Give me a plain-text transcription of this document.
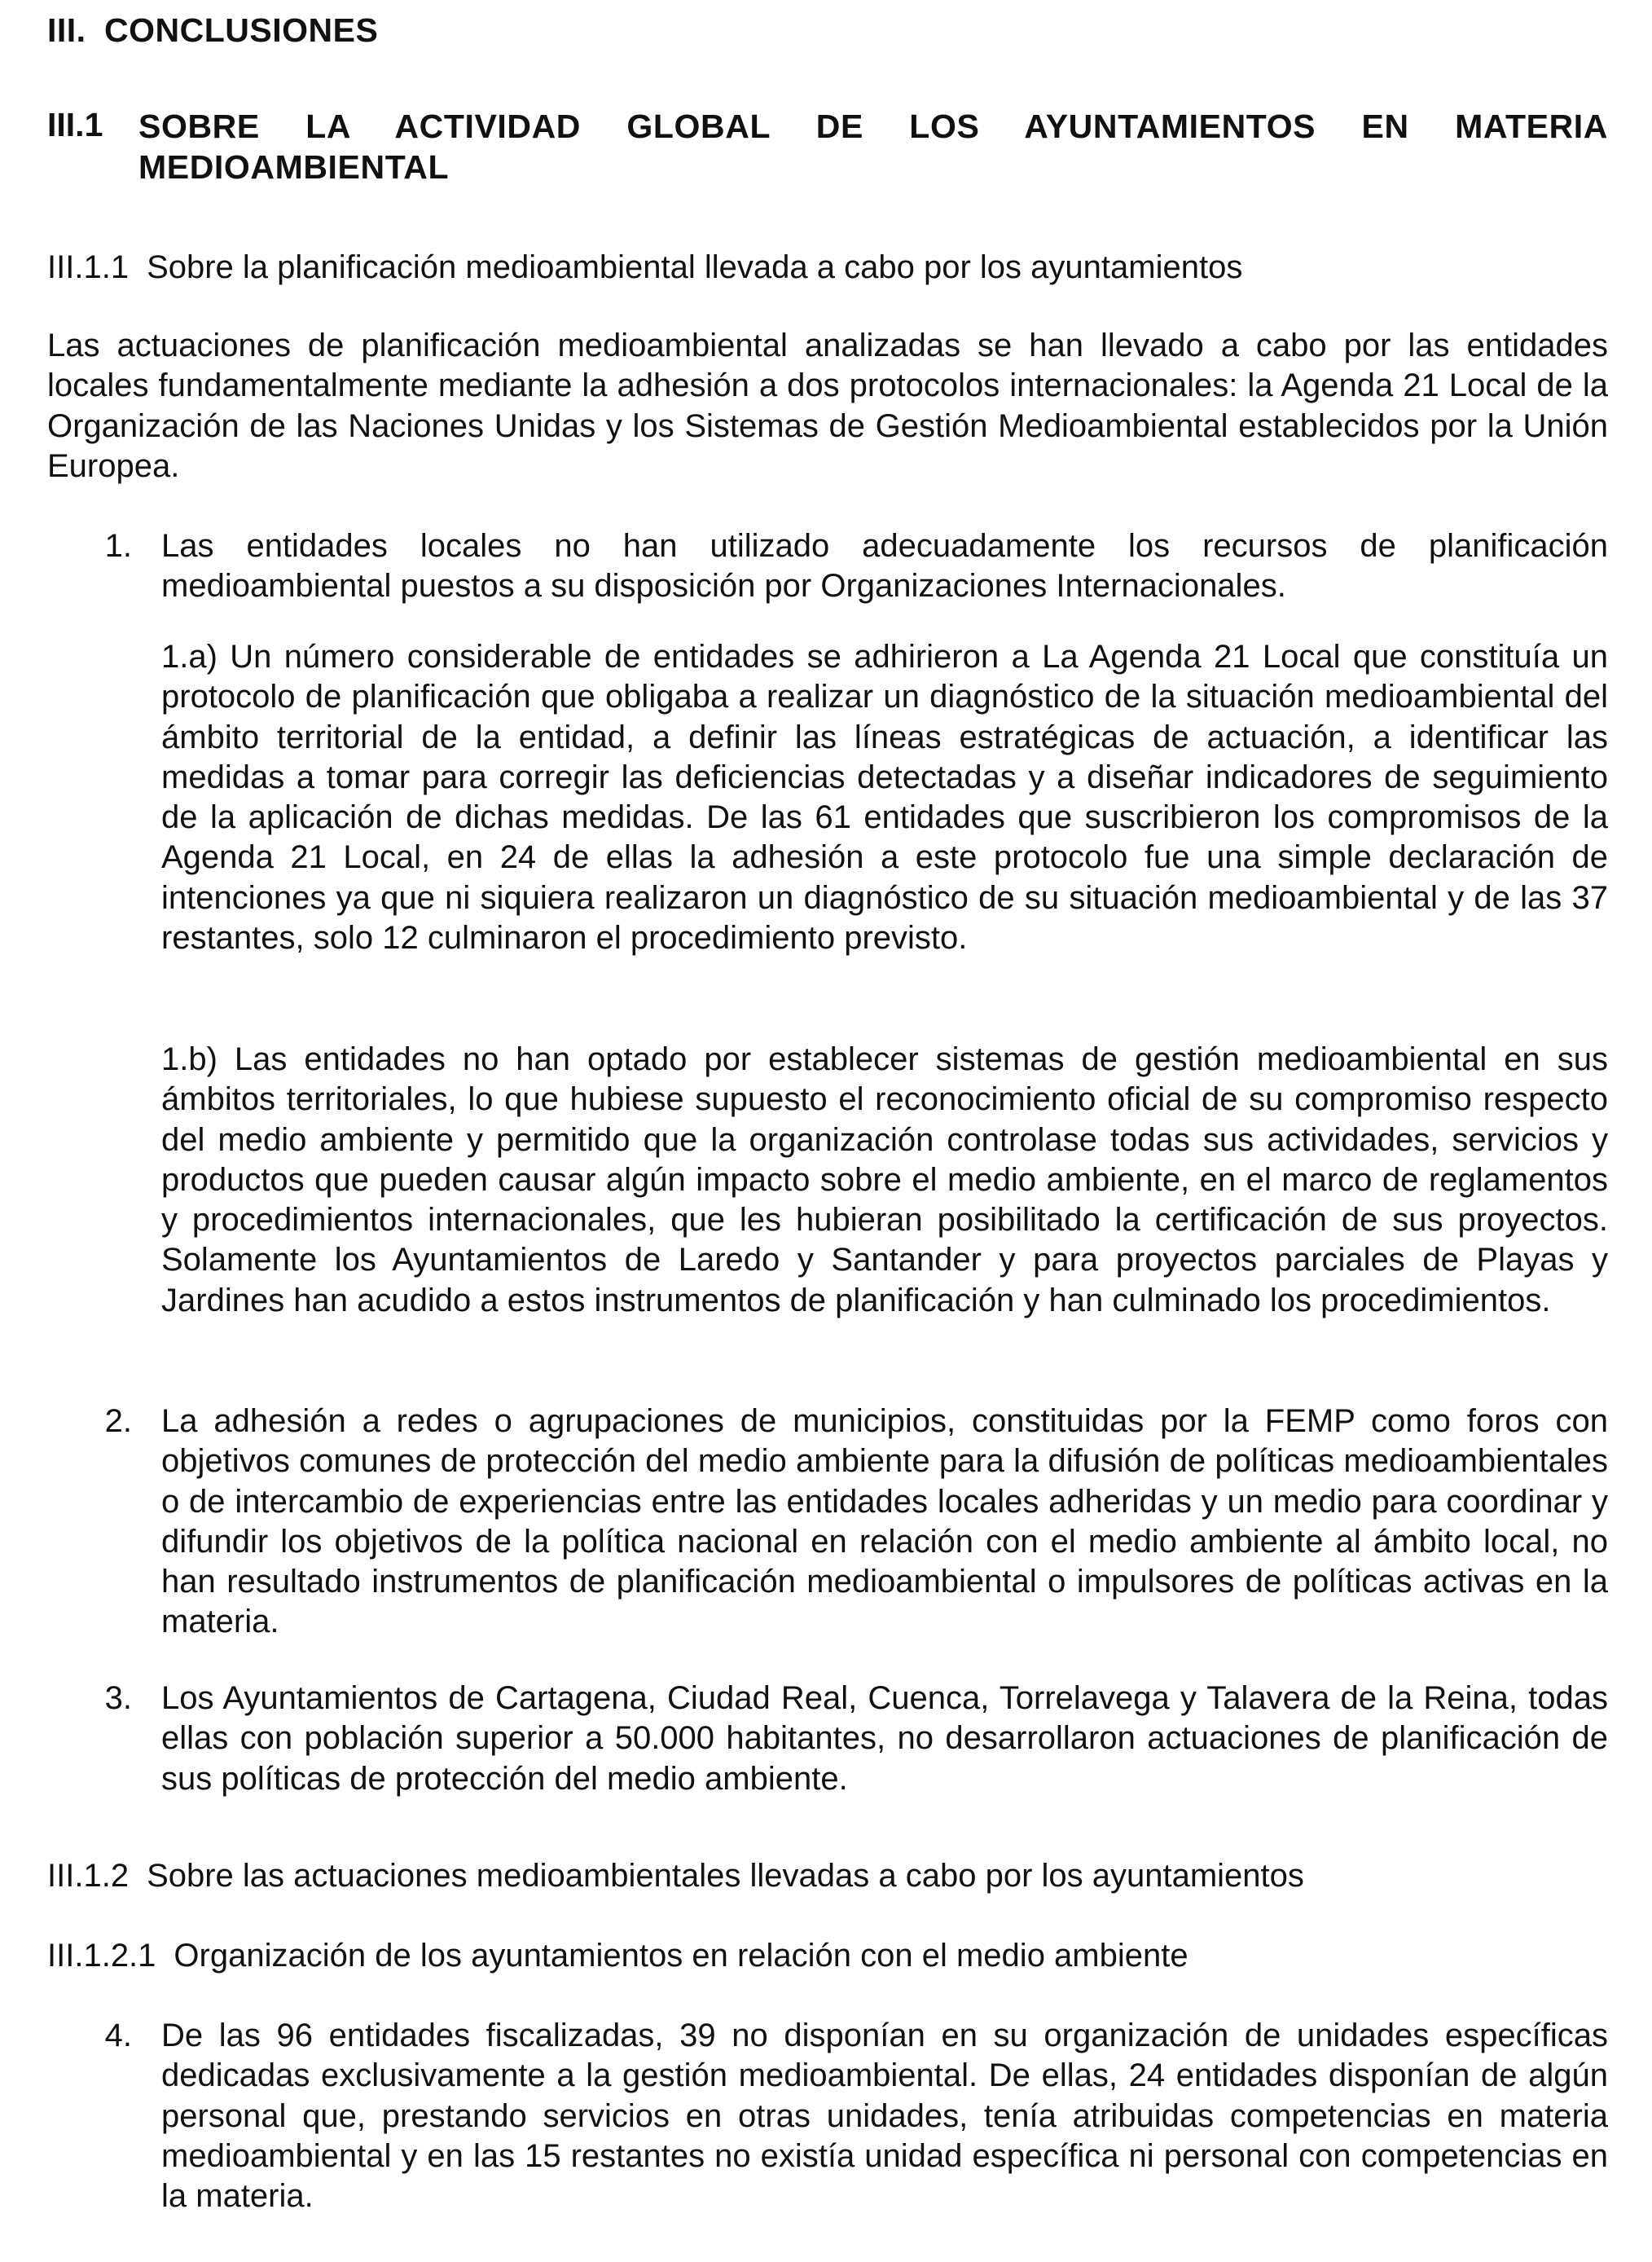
III. CONCLUSIONES
III.1	SOBRE LA ACTIVIDAD GLOBAL DE LOS AYUNTAMIENTOS EN MATERIA
MEDIOAMBIENTAL
III.1.1 Sobre la planificación medioambiental llevada a cabo por los ayuntamientos
Las actuaciones de planificación medioambiental analizadas se han llevado a cabo por las entidades locales fundamentalmente mediante la adhesión a dos protocolos internacionales: la Agenda 21 Local de la Organización de las Naciones Unidas y los Sistemas de Gestión Medioambiental establecidos por la Unión Europea.
1. Las entidades locales no han utilizado adecuadamente los recursos de planificación medioambiental puestos a su disposición por Organizaciones Internacionales.
1.a) Un número considerable de entidades se adhirieron a La Agenda 21 Local que constituía un protocolo de planificación que obligaba a realizar un diagnóstico de la situación medioambiental del ámbito territorial de la entidad, a definir las líneas estratégicas de actuación, a identificar las medidas a tomar para corregir las deficiencias detectadas y a diseñar indicadores de seguimiento de la aplicación de dichas medidas. De las 61 entidades que suscribieron los compromisos de la Agenda 21 Local, en 24 de ellas la adhesión a este protocolo fue una simple declaración de intenciones ya que ni siquiera realizaron un diagnóstico de su situación medioambiental y de las 37 restantes, solo 12 culminaron el procedimiento previsto.
1.b) Las entidades no han optado por establecer sistemas de gestión medioambiental en sus ámbitos territoriales, lo que hubiese supuesto el reconocimiento oficial de su compromiso respecto del medio ambiente y permitido que la organización controlase todas sus actividades, servicios y productos que pueden causar algún impacto sobre el medio ambiente, en el marco de reglamentos y procedimientos internacionales, que les hubieran posibilitado la certificación de sus proyectos. Solamente los Ayuntamientos de Laredo y Santander y para proyectos parciales de Playas y Jardines han acudido a estos instrumentos de planificación y han culminado los procedimientos.
2. La adhesión a redes o agrupaciones de municipios, constituidas por la FEMP como foros con objetivos comunes de protección del medio ambiente para la difusión de políticas medioambientales o de intercambio de experiencias entre las entidades locales adheridas y un medio para coordinar y difundir los objetivos de la política nacional en relación con el medio ambiente al ámbito local, no han resultado instrumentos de planificación medioambiental o impulsores de políticas activas en la materia.
3. Los Ayuntamientos de Cartagena, Ciudad Real, Cuenca, Torrelavega y Talavera de la Reina, todas ellas con población superior a 50.000 habitantes, no desarrollaron actuaciones de planificación de sus políticas de protección del medio ambiente.
III.1.2 Sobre las actuaciones medioambientales llevadas a cabo por los ayuntamientos
III.1.2.1 Organización de los ayuntamientos en relación con el medio ambiente
4. De las 96 entidades fiscalizadas, 39 no disponían en su organización de unidades específicas dedicadas exclusivamente a la gestión medioambiental. De ellas, 24 entidades disponían de algún personal que, prestando servicios en otras unidades, tenía atribuidas competencias en materia medioambiental y en las 15 restantes no existía unidad específica ni personal con competencias en la materia.
